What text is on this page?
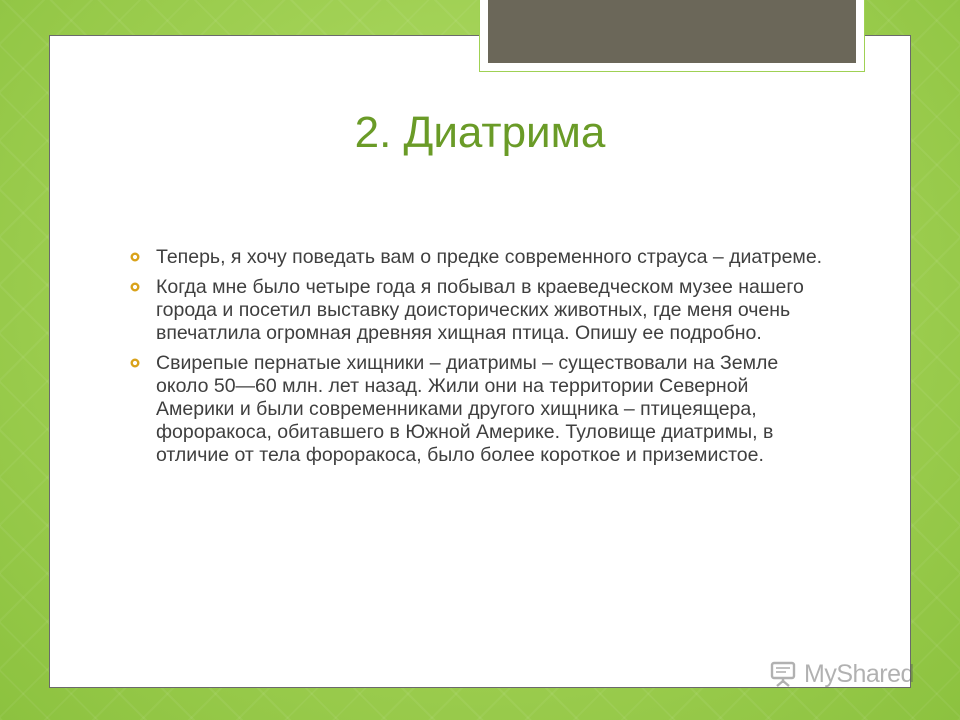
2. Диатрима
Теперь, я хочу поведать вам о предке современного страуса – диатреме.
Когда мне было четыре года я побывал в краеведческом музее нашего города и посетил выставку доисторических животных, где меня очень впечатлила огромная древняя хищная птица. Опишу ее подробно.
Свирепые пернатые хищники – диатримы – существовали на Земле около 50—60 млн. лет назад. Жили они на территории Северной Америки и были современниками другого хищника – птицеящера, фороракоса, обитавшего в Южной Америке. Туловище диатримы, в отличие от тела фороракоса, было более короткое и приземистое.
MyShared
